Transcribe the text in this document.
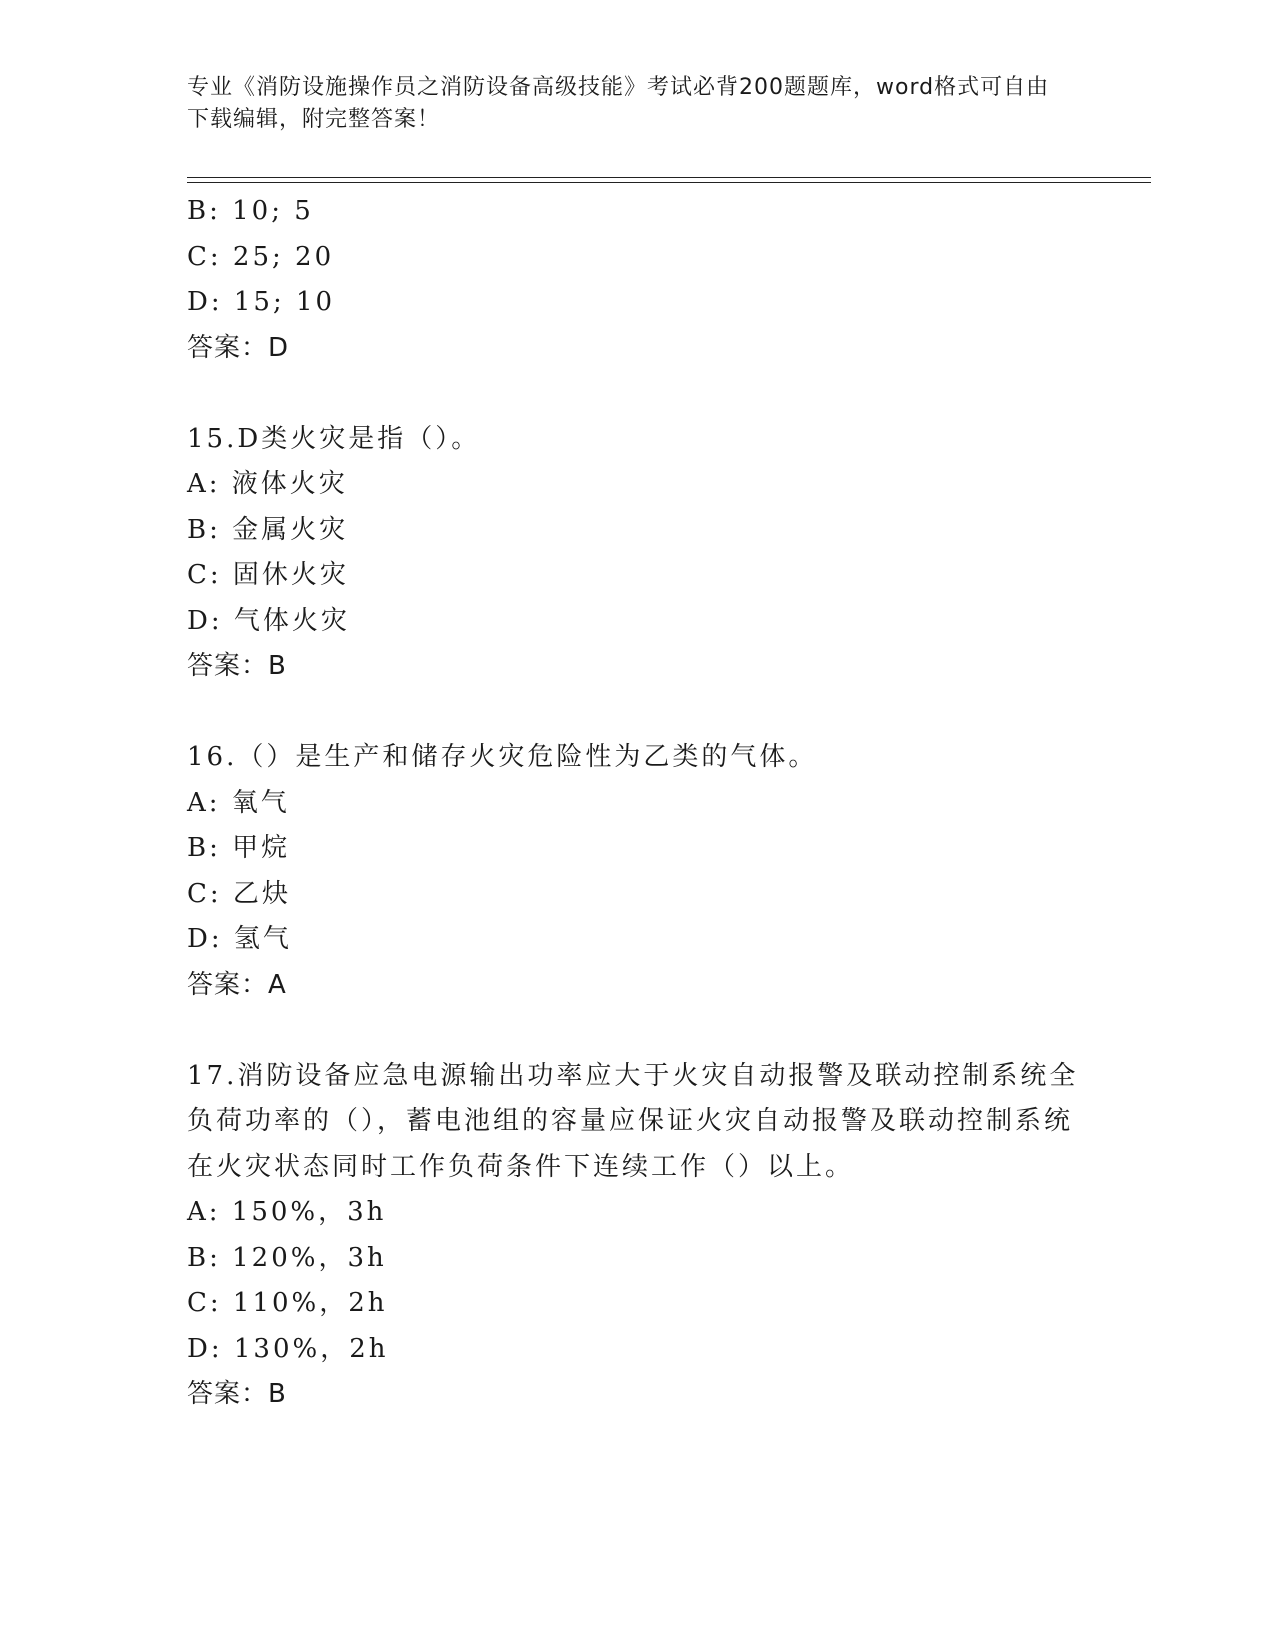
专业《消防设施操作员之消防设备高级技能》考试必背200题题库，word格式可自由下载编辑，附完整答案！
B: 10; 5
C: 25; 20
D: 15; 10
答案：D
15.D类火灾是指（）。
A: 液体火灾
B: 金属火灾
C: 固休火灾
D: 气体火灾
答案：B
16.（）是生产和储存火灾危险性为乙类的气体。
A: 氧气
B: 甲烷
C: 乙炔
D: 氢气
答案：A
17.消防设备应急电源输出功率应大于火灾自动报警及联动控制系统全负荷功率的（），蓄电池组的容量应保证火灾自动报警及联动控制系统在火灾状态同时工作负荷条件下连续工作（）以上。
A: 150%，3h
B: 120%，3h
C: 110%，2h
D: 130%，2h
答案：B
